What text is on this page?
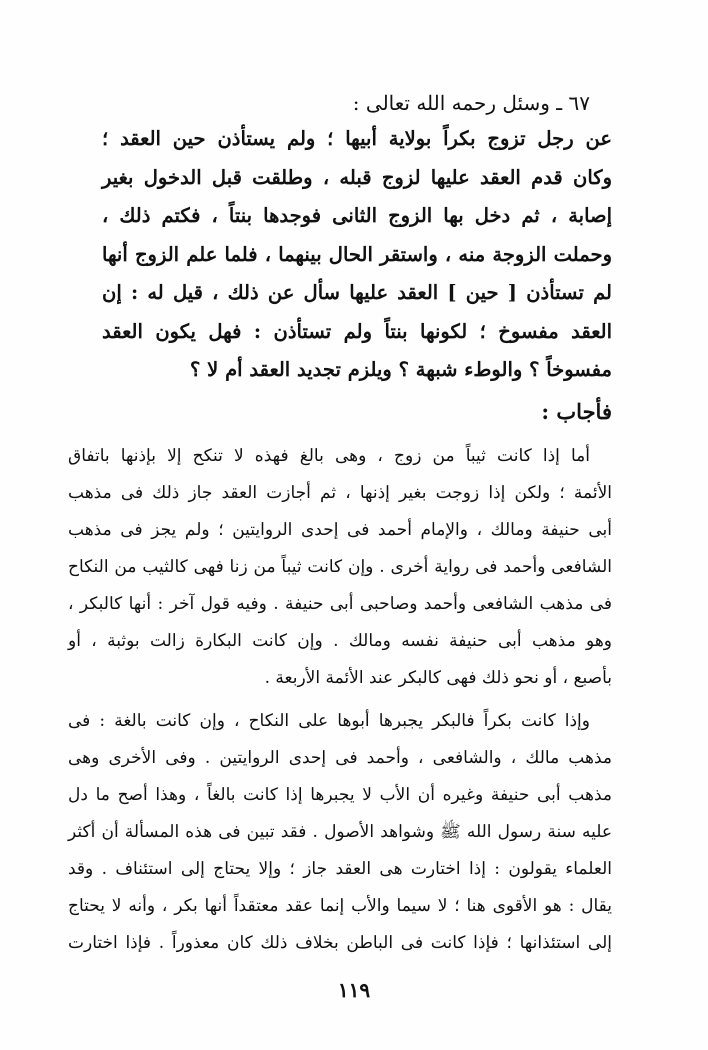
٦٧ ـ وسئل رحمه الله تعالى :
عن رجل تزوج بكراً بولاية أبيها ؛ ولم يستأذن حين العقد ؛
وكان قدم العقد عليها لزوج قبله ، وطلقت قبل الدخول بغير
إصابة ، ثم دخل بها الزوج الثانى فوجدها بنتاً ، فكتم ذلك ،
وحملت الزوجة منه ، واستقر الحال بينهما ، فلما علم الزوج أنها
لم تستأذن [ حين ] العقد عليها سأل عن ذلك ، قيل له : إن
العقد مفسوخ ؛ لكونها بنتاً ولم تستأذن : فهل يكون العقد
مفسوخاً ؟ والوطء شبهة ؟ ويلزم تجديد العقد أم لا ؟
فأجاب :
أما إذا كانت ثيباً من زوج ، وهى بالغ فهذه لا تنكح إلا بإذنها باتفاق
الأئمة ؛ ولكن إذا زوجت بغير إذنها ، ثم أجازت العقد جاز ذلك فى مذهب
أبى حنيفة ومالك ، والإمام أحمد فى إحدى الروايتين ؛ ولم يجز فى مذهب
الشافعى وأحمد فى رواية أخرى . وإن كانت ثيباً من زنا فهى كالثيب من النكاح
فى مذهب الشافعى وأحمد وصاحبى أبى حنيفة . وفيه قول آخر : أنها كالبكر ،
وهو مذهب أبى حنيفة نفسه ومالك . وإن كانت البكارة زالت بوثبة ، أو
بأصبع ، أو نحو ذلك فهى كالبكر عند الأئمة الأربعة .
وإذا كانت بكراً فالبكر يجبرها أبوها على النكاح ، وإن كانت بالغة : فى
مذهب مالك ، والشافعى ، وأحمد فى إحدى الروايتين . وفى الأخرى وهى
مذهب أبى حنيفة وغيره أن الأب لا يجبرها إذا كانت بالغاً ، وهذا أصح ما دل
عليه سنة رسول الله ﷺ وشواهد الأصول . فقد تبين فى هذه المسألة أن أكثر
العلماء يقولون : إذا اختارت هى العقد جاز ؛ وإلا يحتاج إلى استئناف . وقد
يقال : هو الأقوى هنا ؛ لا سيما والأب إنما عقد معتقداً أنها بكر ، وأنه لا يحتاج
إلى استئذانها ؛ فإذا كانت فى الباطن بخلاف ذلك كان معذوراً . فإذا اختارت
١١٩
